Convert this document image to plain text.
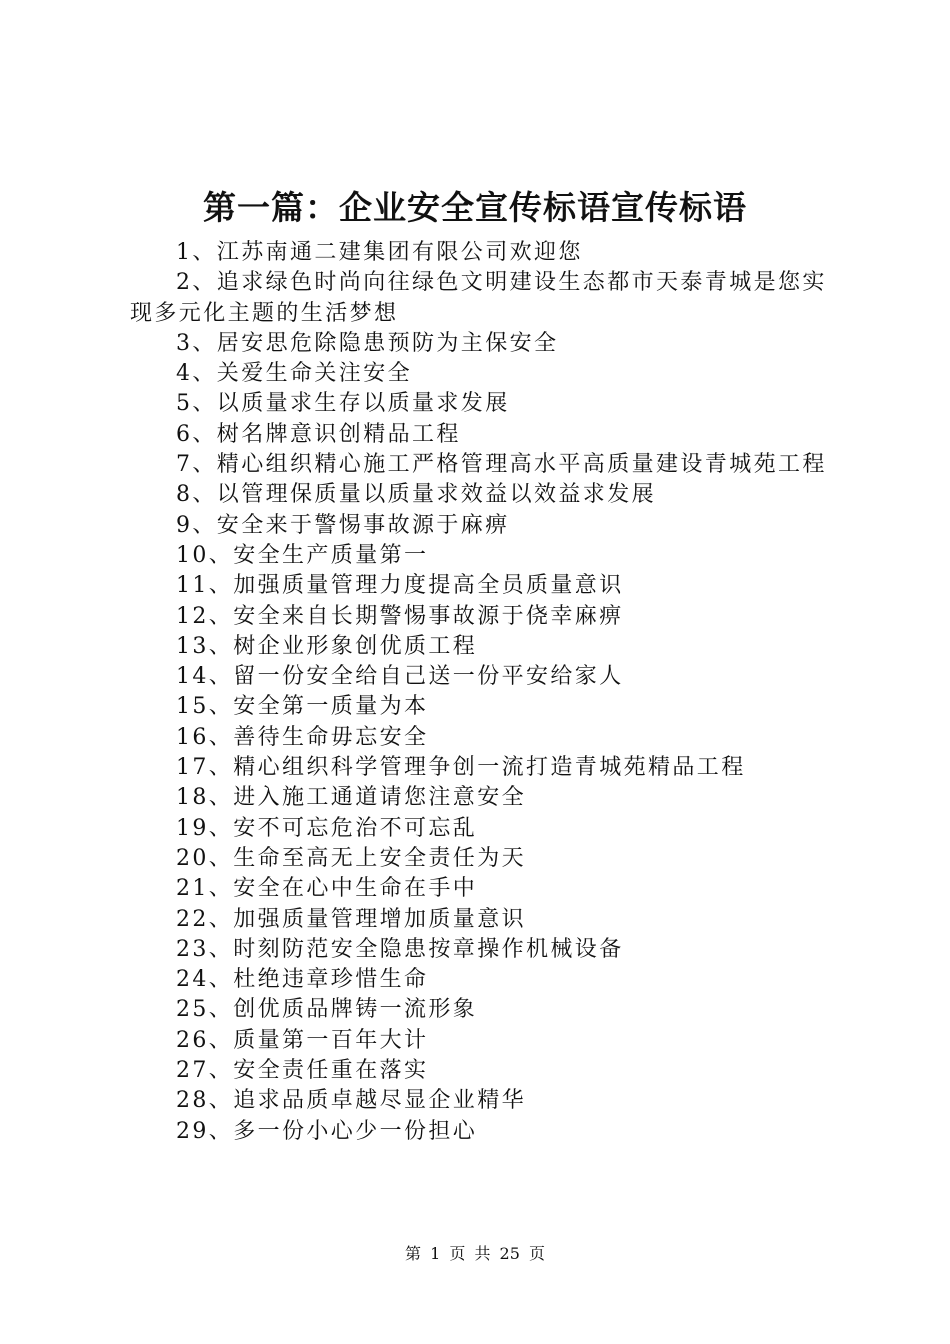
第一篇：企业安全宣传标语宣传标语

1、江苏南通二建集团有限公司欢迎您

2、追求绿色时尚向往绿色文明建设生态都市天泰青城是您实现多元化主题的生活梦想

3、居安思危除隐患预防为主保安全

4、关爱生命关注安全

5、以质量求生存以质量求发展

6、树名牌意识创精品工程

7、精心组织精心施工严格管理高水平高质量建设青城苑工程

8、以管理保质量以质量求效益以效益求发展

9、安全来于警惕事故源于麻痹

10、安全生产质量第一

11、加强质量管理力度提高全员质量意识

12、安全来自长期警惕事故源于侥幸麻痹

13、树企业形象创优质工程

14、留一份安全给自己送一份平安给家人

15、安全第一质量为本

16、善待生命毋忘安全

17、精心组织科学管理争创一流打造青城苑精品工程

18、进入施工通道请您注意安全

19、安不可忘危治不可忘乱

20、生命至高无上安全责任为天

21、安全在心中生命在手中

22、加强质量管理增加质量意识

23、时刻防范安全隐患按章操作机械设备

24、杜绝违章珍惜生命

25、创优质品牌铸一流形象

26、质量第一百年大计

27、安全责任重在落实

28、追求品质卓越尽显企业精华

29、多一份小心少一份担心

第 1 页 共 25 页
